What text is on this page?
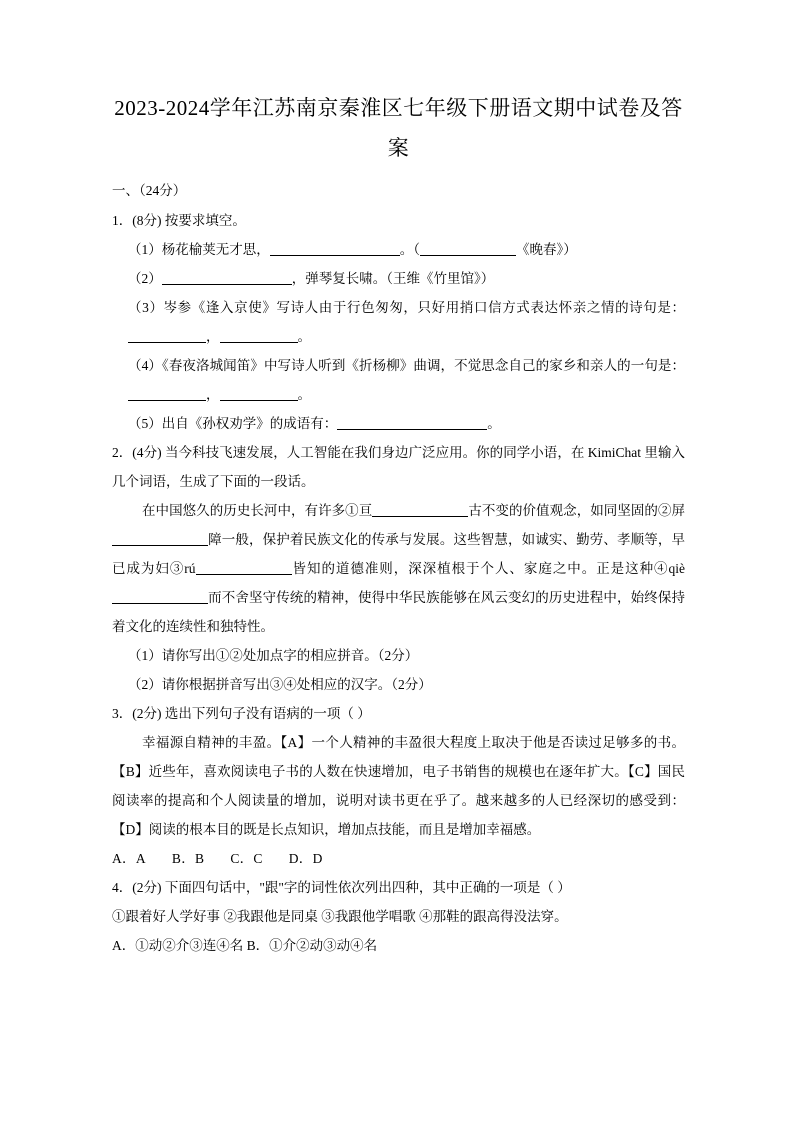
2023-2024学年江苏南京秦淮区七年级下册语文期中试卷及答案

一、（24分）

1．(8分) 按要求填空。

（1）杨花榆荚无才思，	。（	《晚春》）

（2）	，弹琴复长啸。（王维《竹里馆》）

（3）岑参《逢入京使》写诗人由于行色匆匆，只好用捎口信方式表达怀亲之情的诗句是：，	。

（4）《春夜洛城闻笛》中写诗人听到《折杨柳》曲调，不觉思念自己的家乡和亲人的一句是：，	。

（5）出自《孙权劝学》的成语有：	。

2．(4分) 当今科技飞速发展，人工智能在我们身边广泛应用。你的同学小语，在 KimiChat 里输入几个词语，生成了下面的一段话。

在中国悠久的历史长河中，有许多①亘	古不变的价值观念，如同坚固的②屏障一般，保护着民族文化的传承与发展。这些智慧，如诚实、勤劳、孝顺等，早已成为妇③rú	皆知的道德准则，深深植根于个人、家庭之中。正是这种④qiè而不舍坚守传统的精神，使得中华民族能够在风云变幻的历史进程中，始终保持着文化的连续性和独特性。

（1）请你写出①②处加点字的相应拼音。（2分）

（2）请你根据拼音写出③④处相应的汉字。（2分）

3．(2分) 选出下列句子没有语病的一项（ ）

幸福源自精神的丰盈。【A】一个人精神的丰盈很大程度上取决于他是否读过足够多的书。【B】近些年，喜欢阅读电子书的人数在快速增加，电子书销售的规模也在逐年扩大。【C】国民阅读率的提高和个人阅读量的增加，说明对读书更在乎了。越来越多的人已经深切的感受到：【D】阅读的根本目的既是长点知识，增加点技能，而且是增加幸福感。

A．A B．B C．C D．D

4．(2分) 下面四句话中，"跟"字的词性依次列出四种，其中正确的一项是（ ）

①跟着好人学好事 ②我跟他是同桌 ③我跟他学唱歌 ④那鞋的跟高得没法穿。

A．①动②介③连④名 B．①介②动③动④名
